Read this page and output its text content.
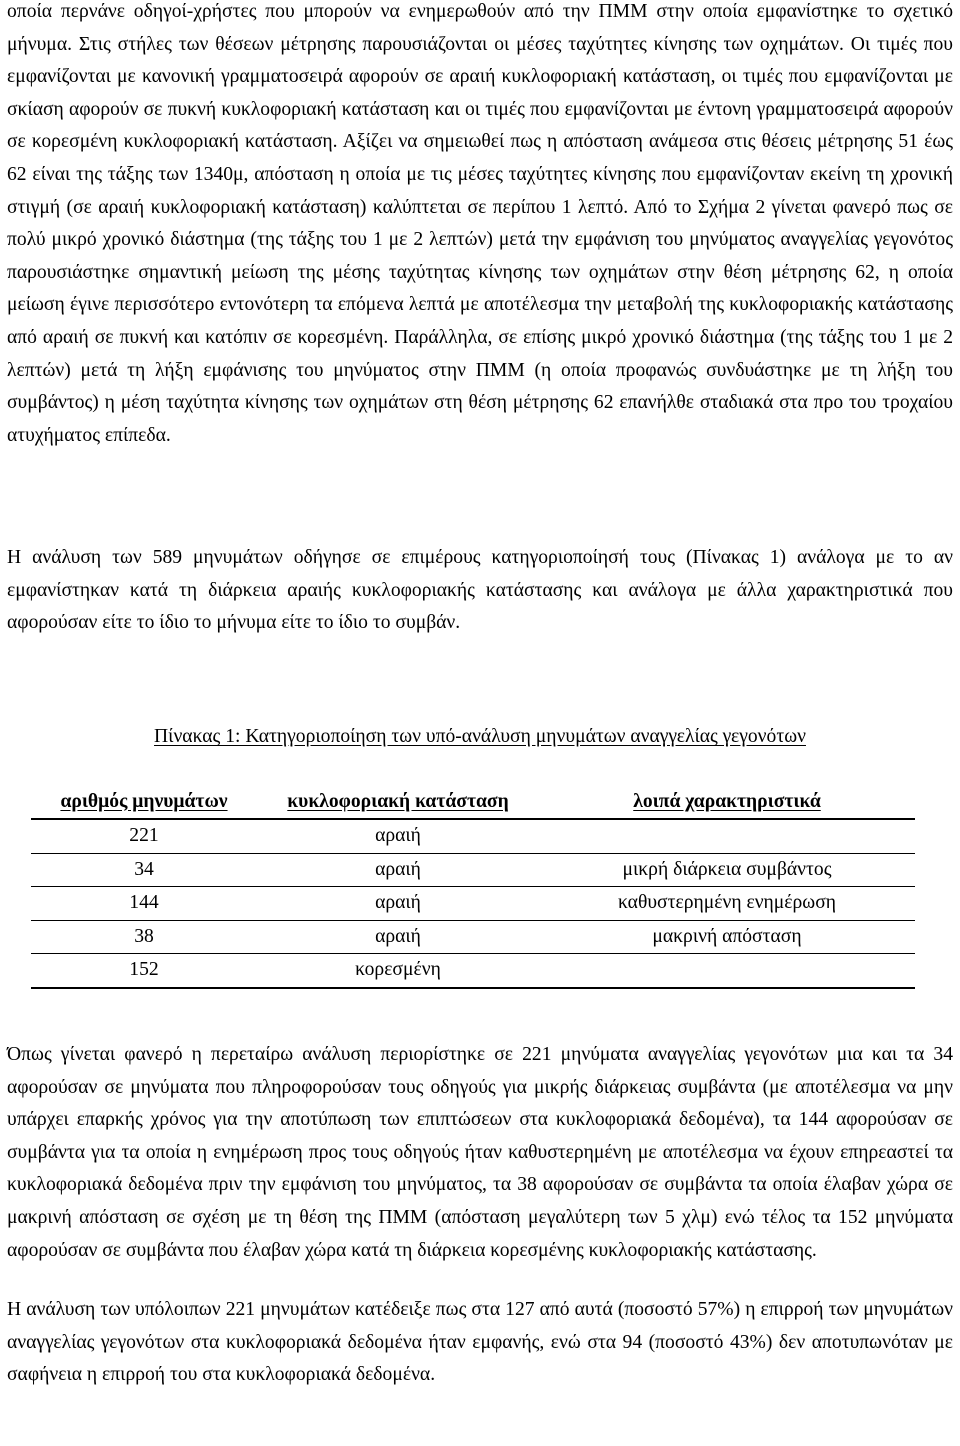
οποία περνάνε οδηγοί-χρήστες που μπορούν να ενημερωθούν από την ΠΜΜ στην οποία εμφανίστηκε το σχετικό μήνυμα. Στις στήλες των θέσεων μέτρησης παρουσιάζονται οι μέσες ταχύτητες κίνησης των οχημάτων. Οι τιμές που εμφανίζονται με κανονική γραμματοσειρά αφορούν σε αραιή κυκλοφοριακή κατάσταση, οι τιμές που εμφανίζονται με σκίαση αφορούν σε πυκνή κυκλοφοριακή κατάσταση και οι τιμές που εμφανίζονται με έντονη γραμματοσειρά αφορούν σε κορεσμένη κυκλοφοριακή κατάσταση. Αξίζει να σημειωθεί πως η απόσταση ανάμεσα στις θέσεις μέτρησης 51 έως 62 είναι της τάξης των 1340μ, απόσταση η οποία με τις μέσες ταχύτητες κίνησης που εμφανίζονταν εκείνη τη χρονική στιγμή (σε αραιή κυκλοφοριακή κατάσταση) καλύπτεται σε περίπου 1 λεπτό. Από το Σχήμα 2 γίνεται φανερό πως σε πολύ μικρό χρονικό διάστημα (της τάξης του 1 με 2 λεπτών) μετά την εμφάνιση του μηνύματος αναγγελίας γεγονότος παρουσιάστηκε σημαντική μείωση της μέσης ταχύτητας κίνησης των οχημάτων στην θέση μέτρησης 62, η οποία μείωση έγινε περισσότερο εντονότερη τα επόμενα λεπτά με αποτέλεσμα την μεταβολή της κυκλοφοριακής κατάστασης από αραιή σε πυκνή και κατόπιν σε κορεσμένη. Παράλληλα, σε επίσης μικρό χρονικό διάστημα (της τάξης του 1 με 2 λεπτών) μετά τη λήξη εμφάνισης του μηνύματος στην ΠΜΜ (η οποία προφανώς συνδυάστηκε με τη λήξη του συμβάντος) η μέση ταχύτητα κίνησης των οχημάτων στη θέση μέτρησης 62 επανήλθε σταδιακά στα προ του τροχαίου ατυχήματος επίπεδα.

Η ανάλυση των 589 μηνυμάτων οδήγησε σε επιμέρους κατηγοριοποίησή τους (Πίνακας 1) ανάλογα με το αν εμφανίστηκαν κατά τη διάρκεια αραιής κυκλοφοριακής κατάστασης και ανάλογα με άλλα χαρακτηριστικά που αφορούσαν είτε το ίδιο το μήνυμα είτε το ίδιο το συμβάν.

Πίνακας 1: Κατηγοριοποίηση των υπό-ανάλυση μηνυμάτων αναγγελίας γεγονότων
αριθμός μηνυμάτων	κυκλοφοριακή κατάσταση	λοιπά χαρακτηριστικά
221	αραιή	
34	αραιή	μικρή διάρκεια συμβάντος
144	αραιή	καθυστερημένη ενημέρωση
38	αραιή	μακρινή απόσταση
152	κορεσμένη	

Όπως γίνεται φανερό η περεταίρω ανάλυση περιορίστηκε σε 221 μηνύματα αναγγελίας γεγονότων μια και τα 34 αφορούσαν σε μηνύματα που πληροφορούσαν τους οδηγούς για μικρής διάρκειας συμβάντα (με αποτέλεσμα να μην υπάρχει επαρκής χρόνος για την αποτύπωση των επιπτώσεων στα κυκλοφοριακά δεδομένα), τα 144 αφορούσαν σε συμβάντα για τα οποία η ενημέρωση προς τους οδηγούς ήταν καθυστερημένη με αποτέλεσμα να έχουν επηρεαστεί τα κυκλοφοριακά δεδομένα πριν την εμφάνιση του μηνύματος, τα 38 αφορούσαν σε συμβάντα τα οποία έλαβαν χώρα σε μακρινή απόσταση σε σχέση με τη θέση της ΠΜΜ (απόσταση μεγαλύτερη των 5 χλμ) ενώ τέλος τα 152 μηνύματα αφορούσαν σε συμβάντα που έλαβαν χώρα κατά τη διάρκεια κορεσμένης κυκλοφοριακής κατάστασης.

Η ανάλυση των υπόλοιπων 221 μηνυμάτων κατέδειξε πως στα 127 από αυτά (ποσοστό 57%) η επιρροή των μηνυμάτων αναγγελίας γεγονότων στα κυκλοφοριακά δεδομένα ήταν εμφανής, ενώ στα 94 (ποσοστό 43%) δεν αποτυπωνόταν με σαφήνεια η επιρροή του στα κυκλοφοριακά δεδομένα.
